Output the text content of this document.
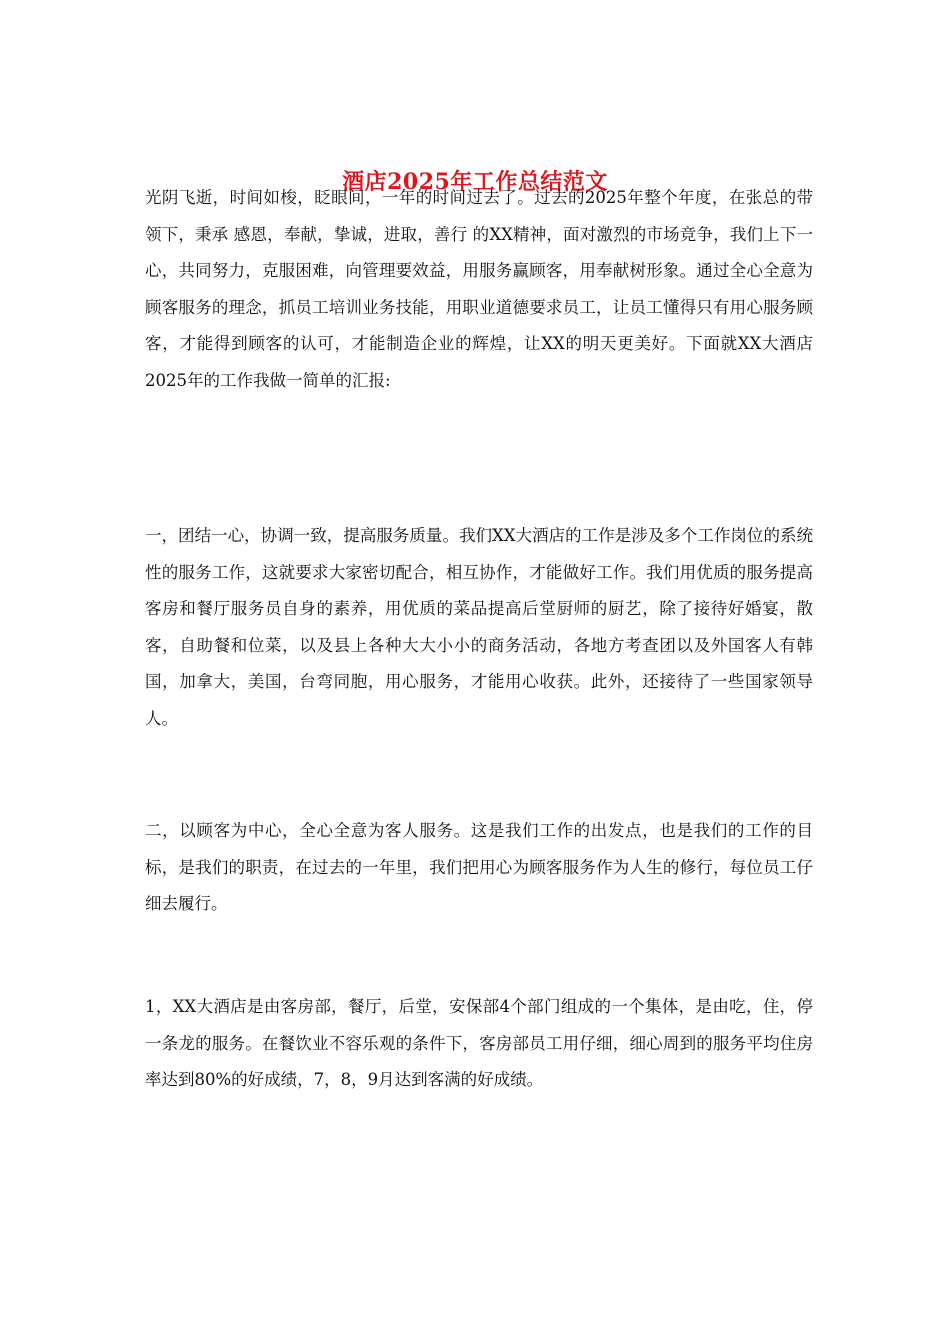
酒店2025年工作总结范文

光阴飞逝，时间如梭，眨眼间，一年的时间过去了。过去的2025年整个年度，在张总的带领下，秉承 感恩，奉献，挚诚，进取，善行 的XX精神，面对激烈的市场竞争，我们上下一心，共同努力，克服困难，向管理要效益，用服务赢顾客，用奉献树形象。通过全心全意为顾客服务的理念，抓员工培训业务技能，用职业道德要求员工，让员工懂得只有用心服务顾客，才能得到顾客的认可，才能制造企业的辉煌，让XX的明天更美好。下面就XX大酒店2025年的工作我做一简单的汇报:

一，团结一心，协调一致，提高服务质量。我们XX大酒店的工作是涉及多个工作岗位的系统性的服务工作，这就要求大家密切配合，相互协作，才能做好工作。我们用优质的服务提高客房和餐厅服务员自身的素养，用优质的菜品提高后堂厨师的厨艺，除了接待好婚宴，散客，自助餐和位菜，以及县上各种大大小小的商务活动，各地方考查团以及外国客人有韩国，加拿大，美国，台弯同胞，用心服务，才能用心收获。此外，还接待了一些国家领导人。

二，以顾客为中心，全心全意为客人服务。这是我们工作的出发点，也是我们的工作的目标，是我们的职责，在过去的一年里，我们把用心为顾客服务作为人生的修行，每位员工仔细去履行。

1，XX大酒店是由客房部，餐厅，后堂，安保部4个部门组成的一个集体，是由吃，住，停一条龙的服务。在餐饮业不容乐观的条件下，客房部员工用仔细，细心周到的服务平均住房率达到80%的好成绩，7，8，9月达到客满的好成绩。
